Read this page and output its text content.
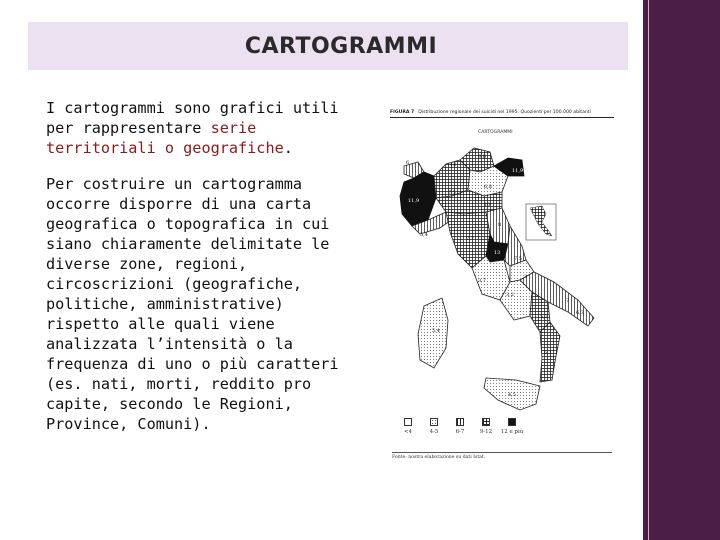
CARTOGRAMMI

I cartogrammi sono grafici utili per rappresentare serie territoriali o geografiche.

Per costruire un cartogramma occorre disporre di una carta geografica o topografica in cui siano chiaramente delimitate le diverse zone, regioni, circoscrizioni (geografiche, politiche, amministrative) rispetto alle quali viene analizzata l’intensità o la frequenza di uno o più caratteri (es. nati, morti, reddito pro capite, secondo le Regioni, Province, Comuni).

FIGURA 7 Distribuzione regionale dei suicidi nel 1995. Quozienti per 100.000 abitanti
CARTOGRAMMI
6	12
9,6
11,9
6,8
11,9
7,5
10
8
5,4
7,7
13
3,7
7,5
3,2
3
5,2
6,3
6,1
4,5
5,4
7
<4	4-5	6-7	9-12	12 e più
Fonte: nostra elaborazione su dati Istat.
